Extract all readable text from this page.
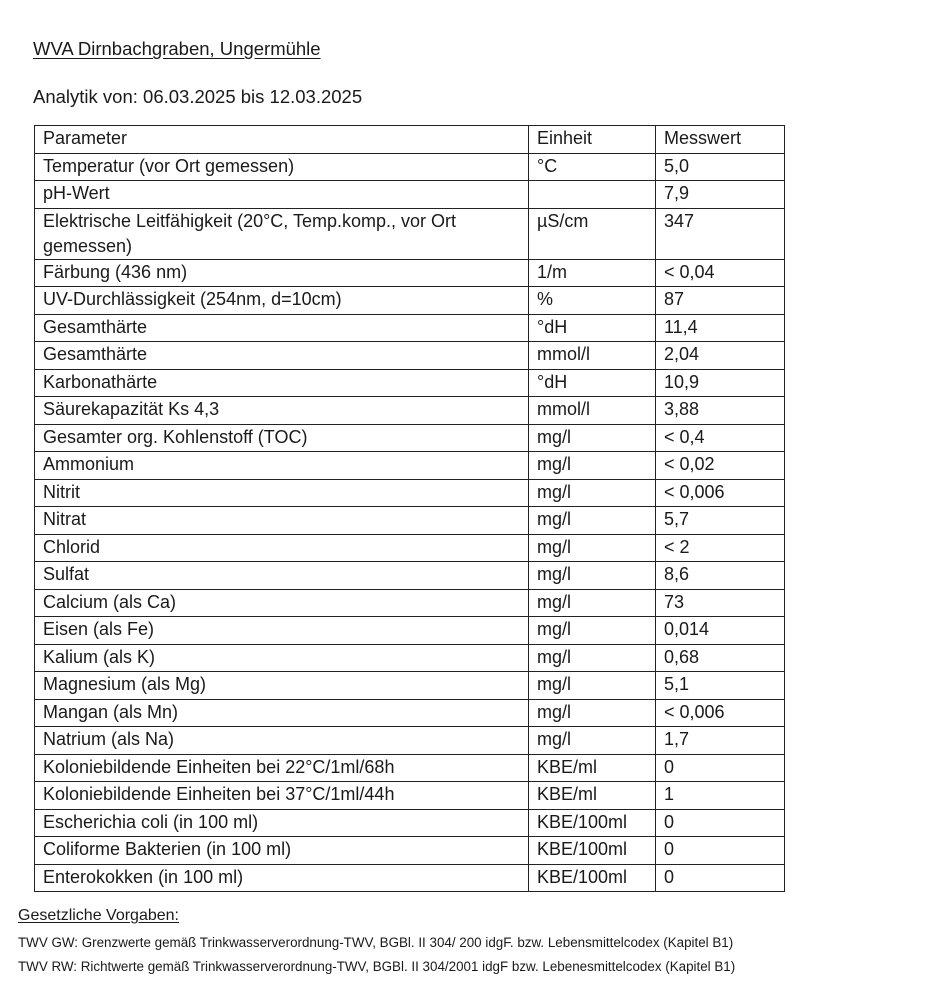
WVA Dirnbachgraben, Ungermühle
Analytik von: 06.03.2025 bis 12.03.2025
Parameter	Einheit	Messwert
Temperatur (vor Ort gemessen)	°C	5,0
pH-Wert		7,9
Elektrische Leitfähigkeit (20°C, Temp.komp., vor Ort gemessen)	µS/cm	347
Färbung (436 nm)	1/m	< 0,04
UV-Durchlässigkeit (254nm, d=10cm)	%	87
Gesamthärte	°dH	11,4
Gesamthärte	mmol/l	2,04
Karbonathärte	°dH	10,9
Säurekapazität Ks 4,3	mmol/l	3,88
Gesamter org. Kohlenstoff (TOC)	mg/l	< 0,4
Ammonium	mg/l	< 0,02
Nitrit	mg/l	< 0,006
Nitrat	mg/l	5,7
Chlorid	mg/l	< 2
Sulfat	mg/l	8,6
Calcium (als Ca)	mg/l	73
Eisen (als Fe)	mg/l	0,014
Kalium (als K)	mg/l	0,68
Magnesium (als Mg)	mg/l	5,1
Mangan (als Mn)	mg/l	< 0,006
Natrium (als Na)	mg/l	1,7
Koloniebildende Einheiten bei 22°C/1ml/68h	KBE/ml	0
Koloniebildende Einheiten bei 37°C/1ml/44h	KBE/ml	1
Escherichia coli (in 100 ml)	KBE/100ml	0
Coliforme Bakterien (in 100 ml)	KBE/100ml	0
Enterokokken (in 100 ml)	KBE/100ml	0
Gesetzliche Vorgaben:
TWV GW: Grenzwerte gemäß Trinkwasserverordnung-TWV, BGBl. II 304/ 200 idgF. bzw. Lebensmittelcodex (Kapitel B1)
TWV RW: Richtwerte gemäß Trinkwasserverordnung-TWV, BGBl. II 304/2001 idgF bzw. Lebenesmittelcodex (Kapitel B1)
